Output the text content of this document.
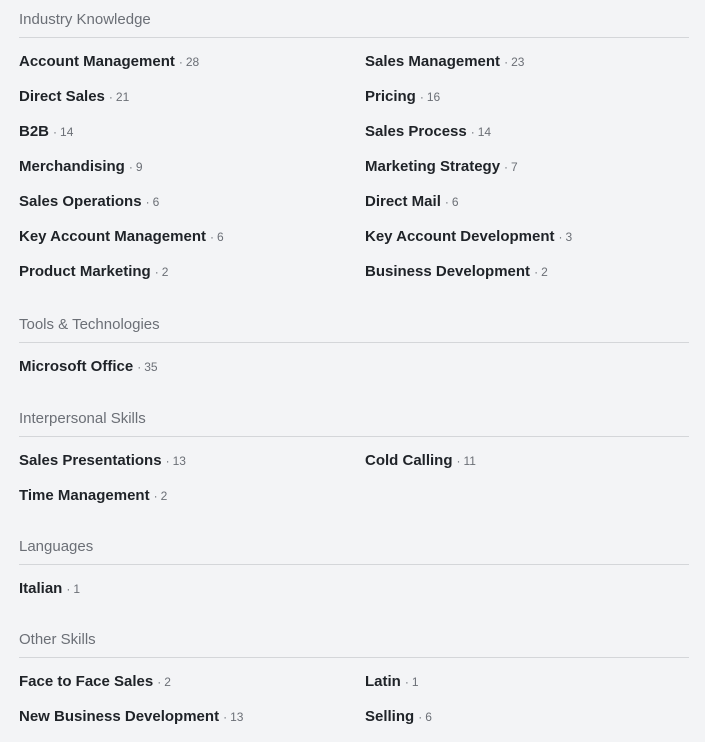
Industry Knowledge
Account Management · 28	Sales Management · 23
Direct Sales · 21	Pricing · 16
B2B · 14	Sales Process · 14
Merchandising · 9	Marketing Strategy · 7
Sales Operations · 6	Direct Mail · 6
Key Account Management · 6	Key Account Development · 3
Product Marketing · 2	Business Development · 2
Tools & Technologies
Microsoft Office · 35
Interpersonal Skills
Sales Presentations · 13	Cold Calling · 11
Time Management · 2
Languages
Italian · 1
Other Skills
Face to Face Sales · 2	Latin · 1
New Business Development · 13	Selling · 6
